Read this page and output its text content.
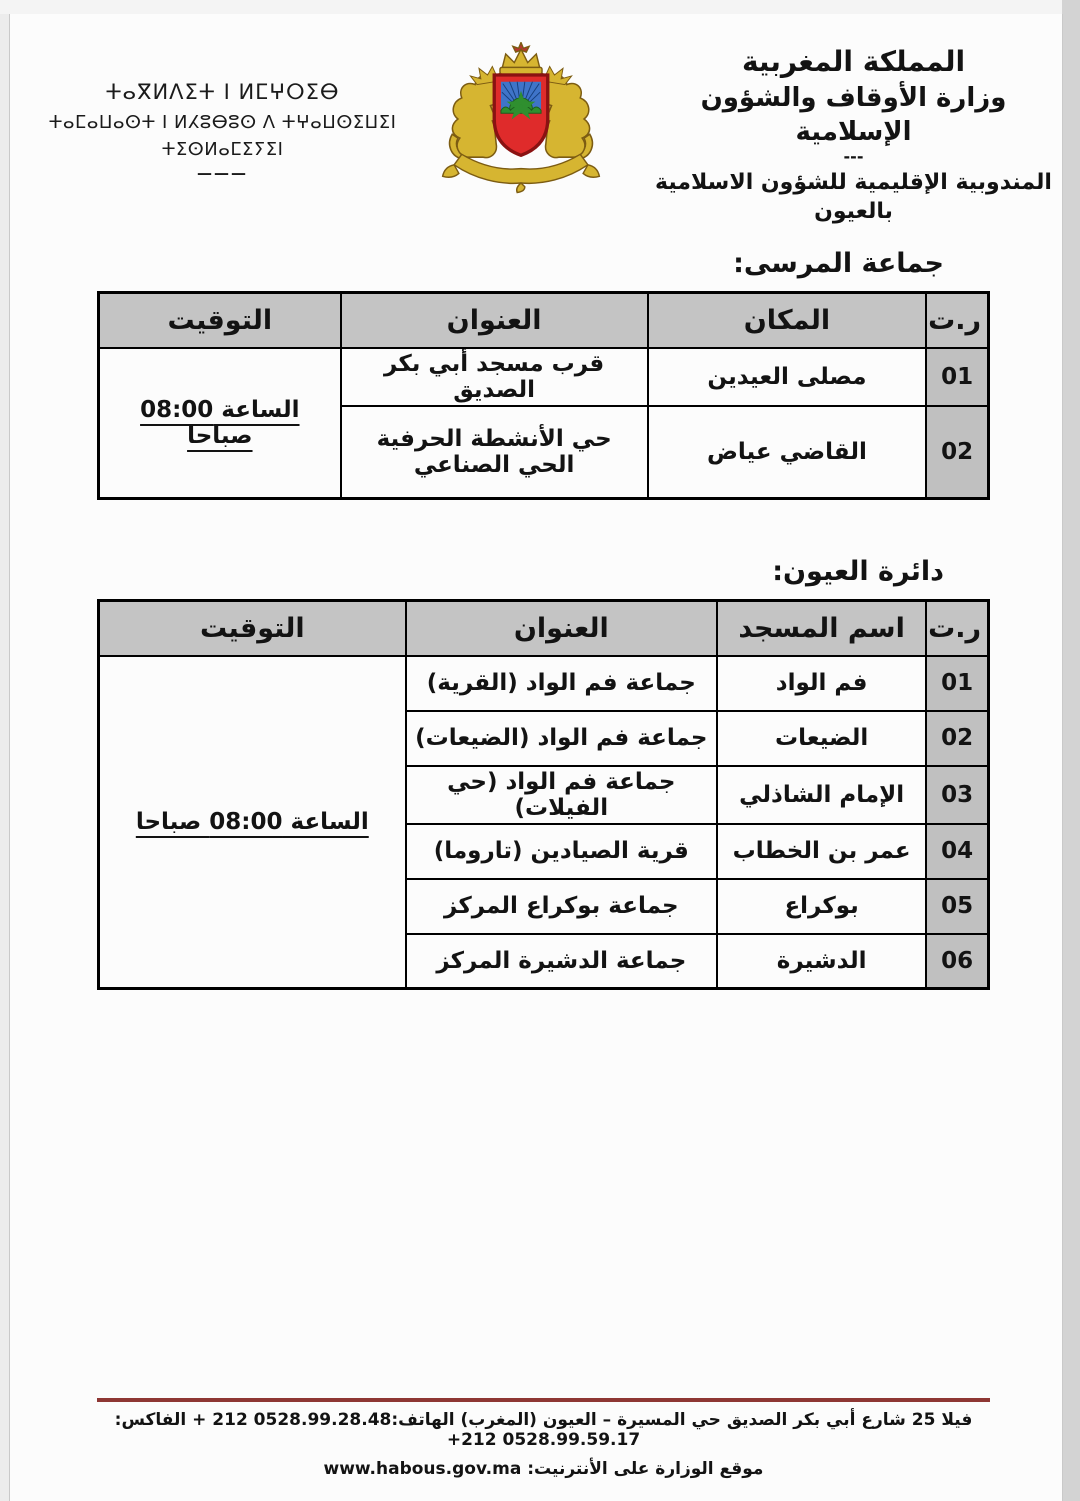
ⵜⴰⴳⵍⴷⵉⵜ ⵏ ⵍⵎⵖⵔⵉⴱ
ⵜⴰⵎⴰⵡⴰⵙⵜ ⵏ ⵍⵃⵓⴱⵓⵙ ⴷ ⵜⵖⴰⵡⵙⵉⵡⵉⵏ ⵜⵉⵙⵍⴰⵎⵉⵢⵉⵏ
———
المملكة المغربية
وزارة الأوقاف والشؤون الإسلامية
---
المندوبية الإقليمية للشؤون الاسلامية بالعيون
جماعة المرسى:
ر.ت	المكان	العنوان	التوقيت
01	مصلى العيدين	قرب مسجد أبي بكر الصديق	الساعة 08:00 صباحا
02	القاضي عياض	حي الأنشطة الحرفية الحي الصناعي	
دائرة العيون:
ر.ت	اسم المسجد	العنوان	التوقيت
01	فم الواد	جماعة فم الواد (القرية)	الساعة 08:00 صباحا
02	الضيعات	جماعة فم الواد (الضيعات)	
03	الإمام الشاذلي	جماعة فم الواد (حي الفيلات)	
04	عمر بن الخطاب	قرية الصيادين (تاروما)	
05	بوكراع	جماعة بوكراع المركز	
06	الدشيرة	جماعة الدشيرة المركز	
فيلا 25 شارع أبي بكر الصديق حي المسيرة – العيون (المغرب) الهاتف:212 0528.99.28.48 + الفاكس: +212 0528.99.59.17
موقع الوزارة على الأنترنيت: www.habous.gov.ma
